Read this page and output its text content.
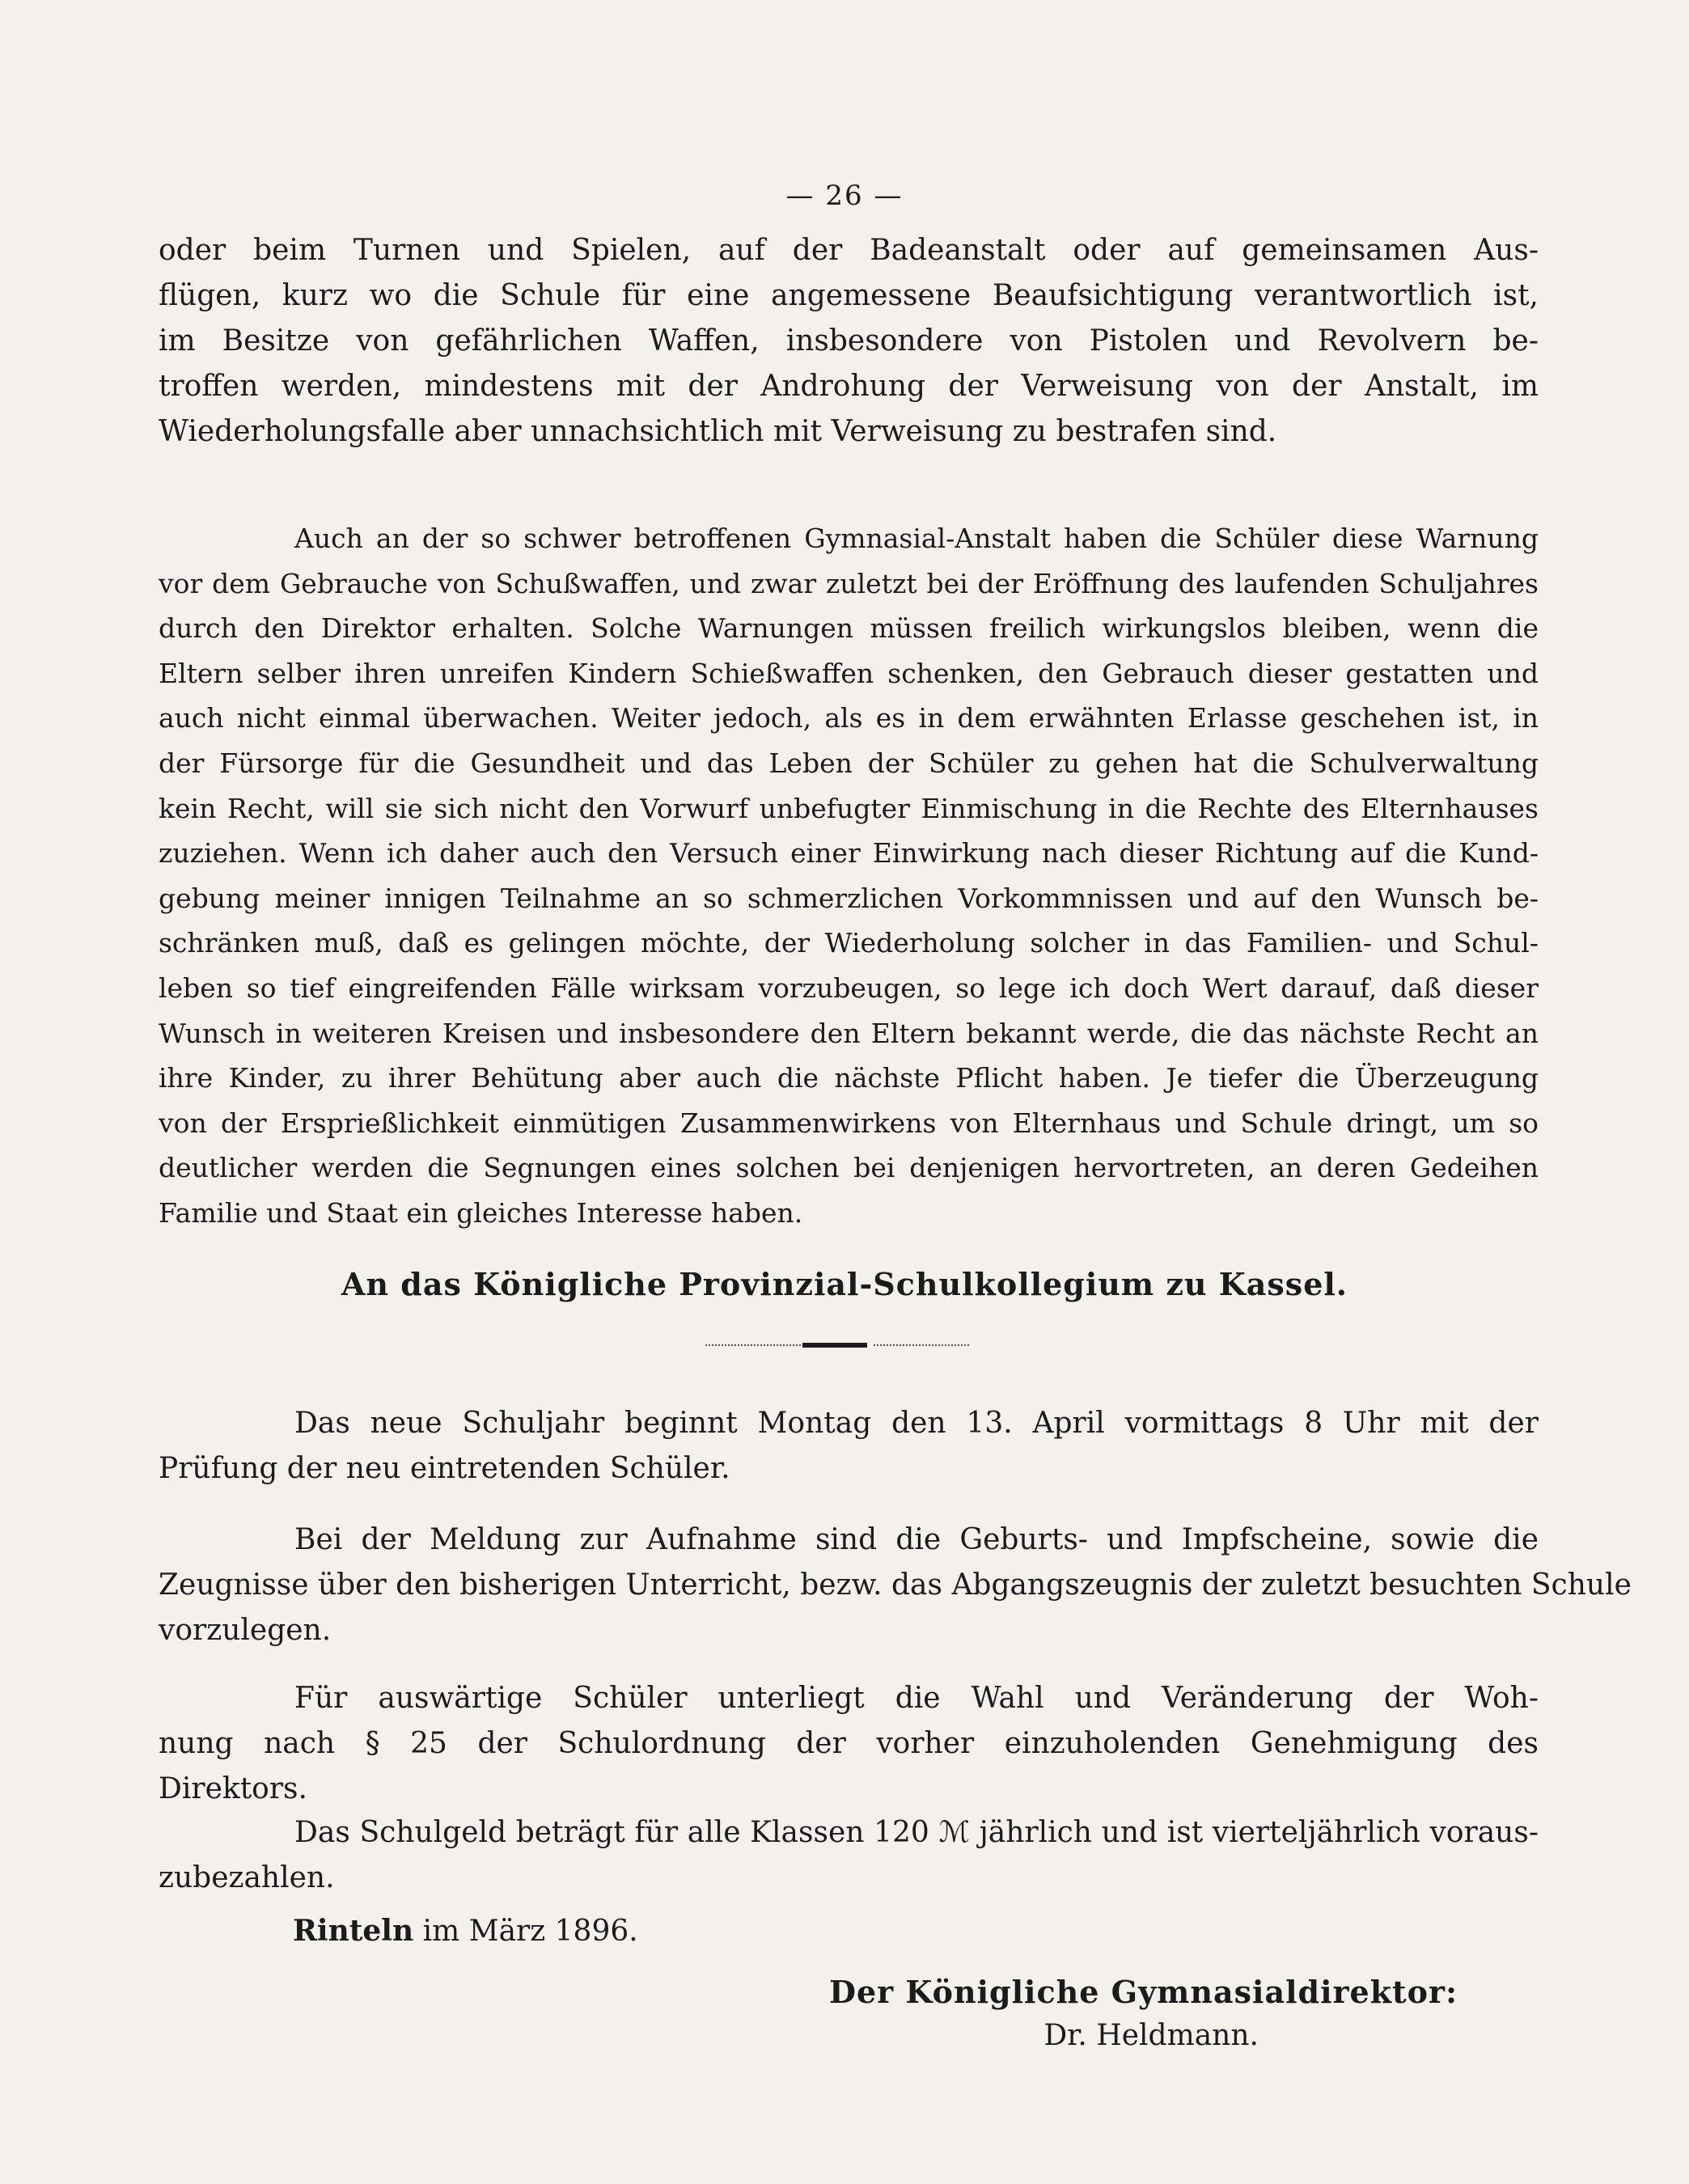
— 26 —
oder beim Turnen und Spielen, auf der Badeanstalt oder auf gemeinsamen Aus-
flügen, kurz wo die Schule für eine angemessene Beaufsichtigung verantwortlich ist,
im Besitze von gefährlichen Waffen, insbesondere von Pistolen und Revolvern be-
troffen werden, mindestens mit der Androhung der Verweisung von der Anstalt, im
Wiederholungsfalle aber unnachsichtlich mit Verweisung zu bestrafen sind.
Auch an der so schwer betroffenen Gymnasial-Anstalt haben die Schüler diese Warnung
vor dem Gebrauche von Schußwaffen, und zwar zuletzt bei der Eröffnung des laufenden Schuljahres
durch den Direktor erhalten. Solche Warnungen müssen freilich wirkungslos bleiben, wenn die
Eltern selber ihren unreifen Kindern Schießwaffen schenken, den Gebrauch dieser gestatten und
auch nicht einmal überwachen. Weiter jedoch, als es in dem erwähnten Erlasse geschehen ist, in
der Fürsorge für die Gesundheit und das Leben der Schüler zu gehen hat die Schulverwaltung
kein Recht, will sie sich nicht den Vorwurf unbefugter Einmischung in die Rechte des Elternhauses
zuziehen. Wenn ich daher auch den Versuch einer Einwirkung nach dieser Richtung auf die Kund-
gebung meiner innigen Teilnahme an so schmerzlichen Vorkommnissen und auf den Wunsch be-
schränken muß, daß es gelingen möchte, der Wiederholung solcher in das Familien- und Schul-
leben so tief eingreifenden Fälle wirksam vorzubeugen, so lege ich doch Wert darauf, daß dieser
Wunsch in weiteren Kreisen und insbesondere den Eltern bekannt werde, die das nächste Recht an
ihre Kinder, zu ihrer Behütung aber auch die nächste Pflicht haben. Je tiefer die Überzeugung
von der Ersprießlichkeit einmütigen Zusammenwirkens von Elternhaus und Schule dringt, um so
deutlicher werden die Segnungen eines solchen bei denjenigen hervortreten, an deren Gedeihen
Familie und Staat ein gleiches Interesse haben.
An das Königliche Provinzial-Schulkollegium zu Kassel.
Das neue Schuljahr beginnt Montag den 13. April vormittags 8 Uhr mit der
Prüfung der neu eintretenden Schüler.
Bei der Meldung zur Aufnahme sind die Geburts- und Impfscheine, sowie die
Zeugnisse über den bisherigen Unterricht, bezw. das Abgangszeugnis der zuletzt besuchten Schule
vorzulegen.
Für auswärtige Schüler unterliegt die Wahl und Veränderung der Woh-
nung nach § 25 der Schulordnung der vorher einzuholenden Genehmigung des
Direktors.
Das Schulgeld beträgt für alle Klassen 120 ℳ jährlich und ist vierteljährlich voraus-
zubezahlen.
Rinteln im März 1896.
Der Königliche Gymnasialdirektor:
Dr. Heldmann.
